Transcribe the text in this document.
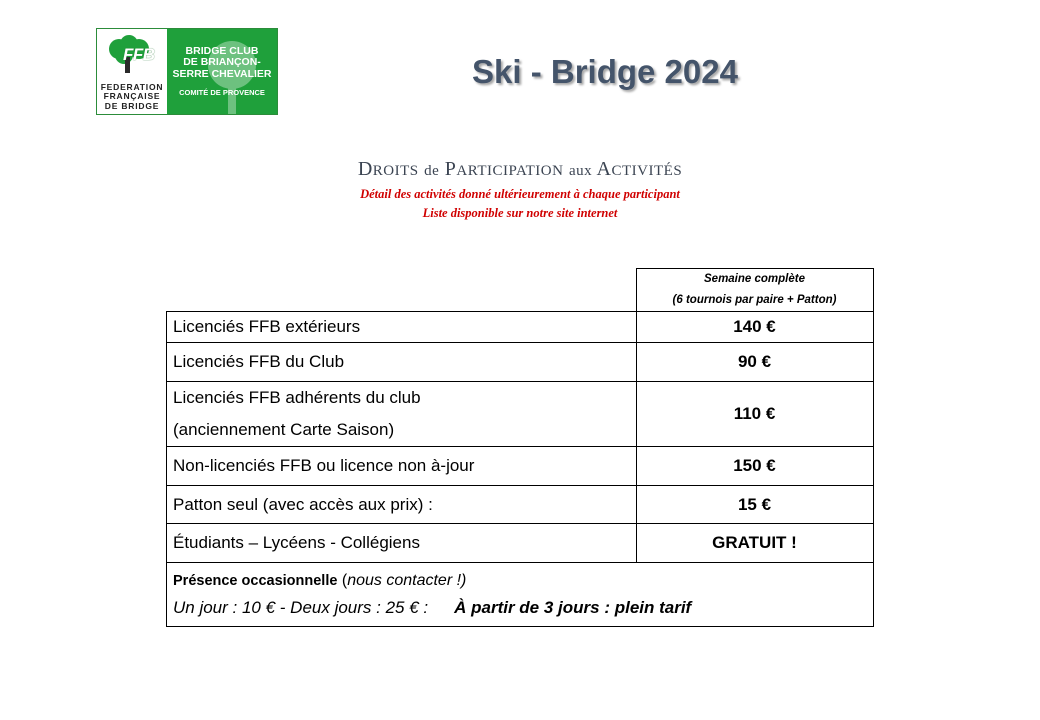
FFB
FEDERATION
FRANÇAISE
DE BRIDGE
BRIDGE CLUB
DE BRIANÇON-
SERRE CHEVALIER
COMITÉ DE PROVENCE
Ski - Bridge 2024
DROITS de PARTICIPATION aux ACTIVITÉS
Détail des activités donné ultérieurement à chaque participant
Liste disponible sur notre site internet

	Semaine complète
(6 tournois par paire + Patton)

Licenciés FFB extérieurs	140 €
Licenciés FFB du Club	90 €

Licenciés FFB adhérents du club
(anciennement Carte Saison)	110 €
Non-licenciés FFB ou licence non à-jour	150 €
Patton seul (avec accès aux prix) :	15 €
Étudiants – Lycéens - Collégiens	GRATUIT !

Présence occasionnelle (nous contacter !)
Un jour : 10 € - Deux jours : 25 € : À partir de 3 jours : plein tarif	
